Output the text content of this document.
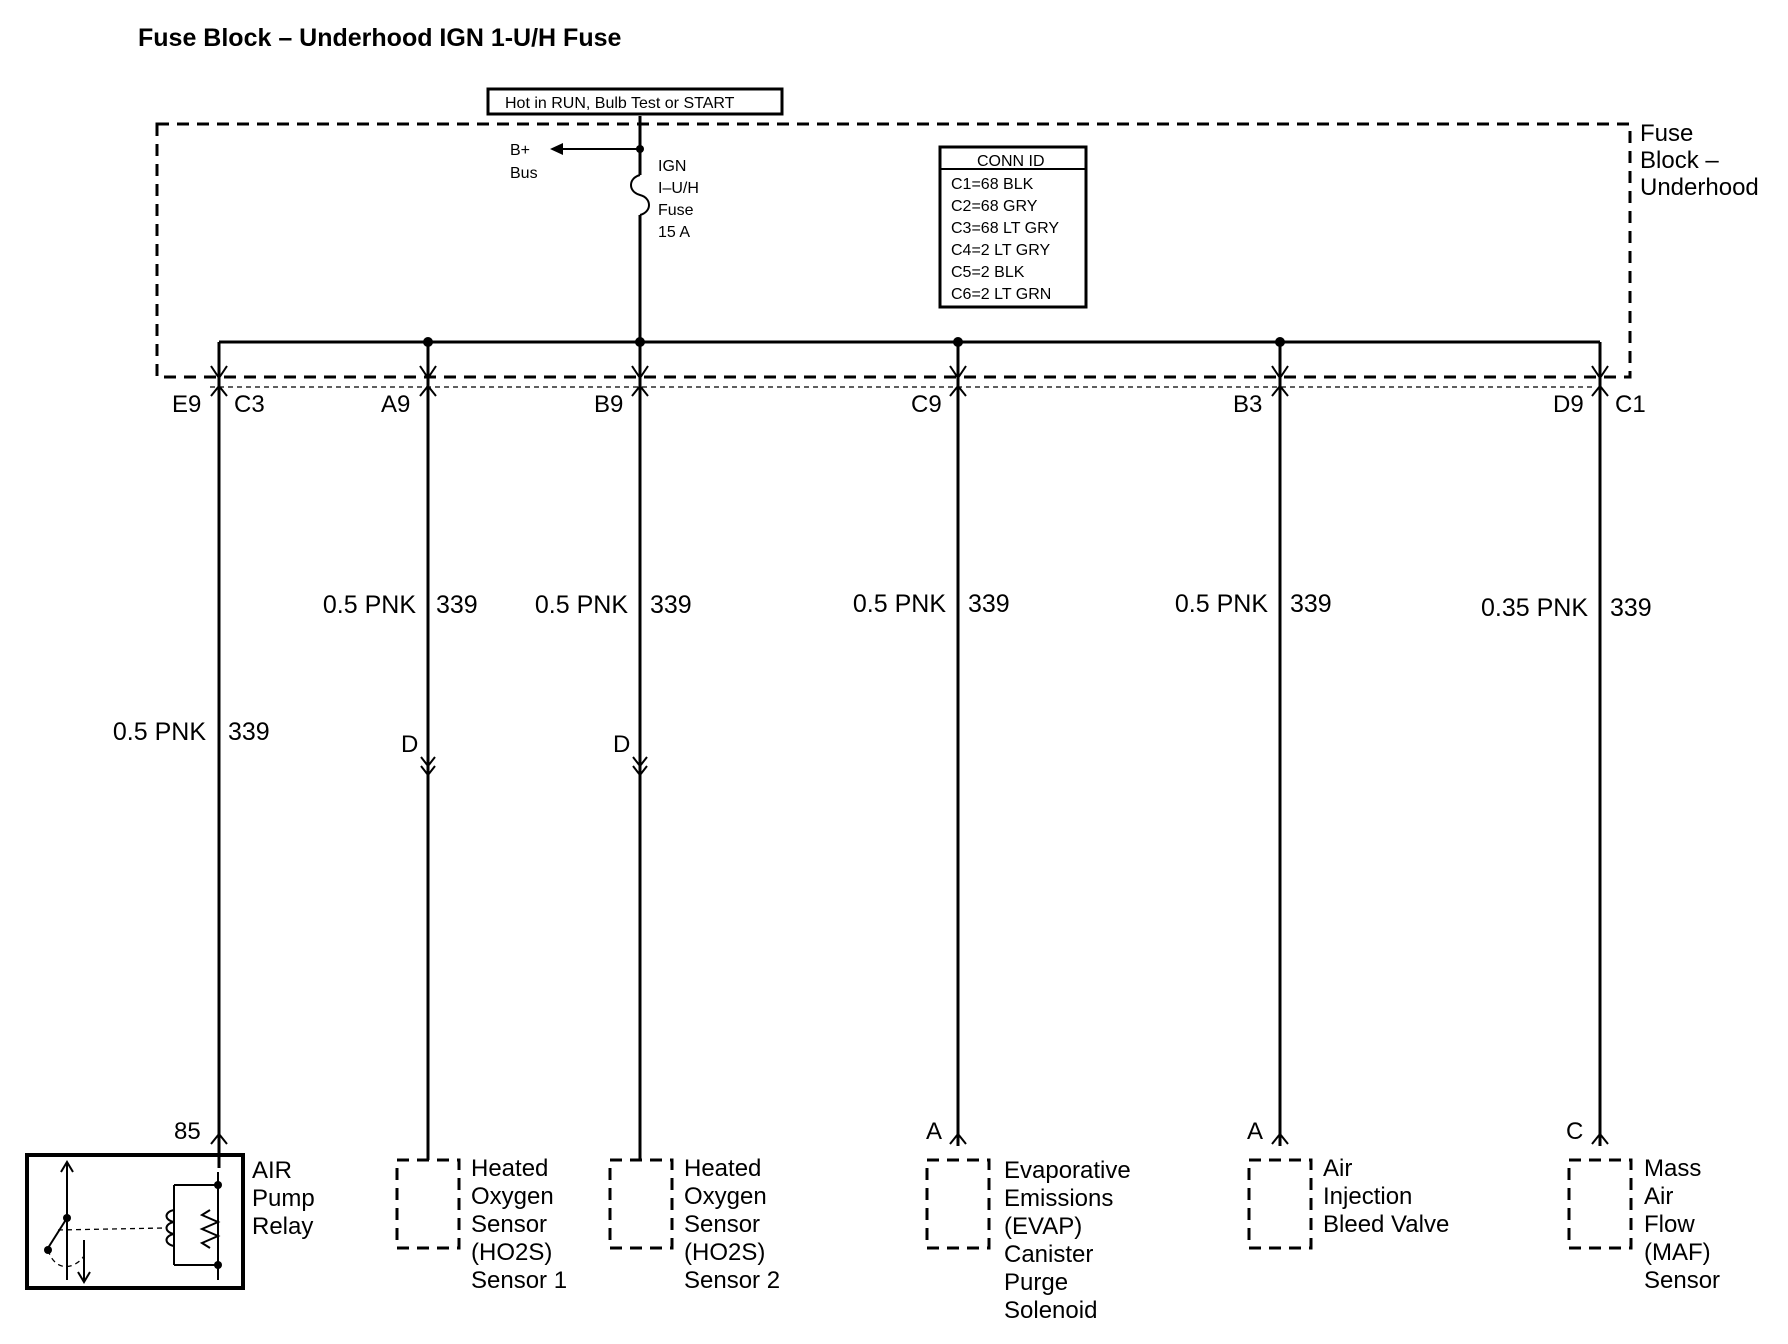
Fuse Block – Underhood IGN 1-U/H Fuse
Hot in RUN, Bulb Test or START
Fuse
Block –
Underhood
B+
Bus	IGN
I–U/H
Fuse
15 A
CONN ID
C1=68 BLK
C2=68 GRY
C3=68 LT GRY
C4=2 LT GRY
C5=2 BLK
C6=2 LT GRN
E9 C3
0.5 PNK 339
85
AIR
Pump
Relay
A9
0.5 PNK 339
D
Heated
Oxygen
Sensor
(HO2S)
Sensor 1
B9
0.5 PNK 339
D
Heated
Oxygen
Sensor
(HO2S)
Sensor 2
C9
0.5 PNK 339
A
Evaporative
Emissions
(EVAP)
Canister
Purge
Solenoid
B3
0.5 PNK 339
A
Air
Injection
Bleed Valve
D9 C1
0.35 PNK 339
C
Mass
Air
Flow
(MAF)
Sensor
